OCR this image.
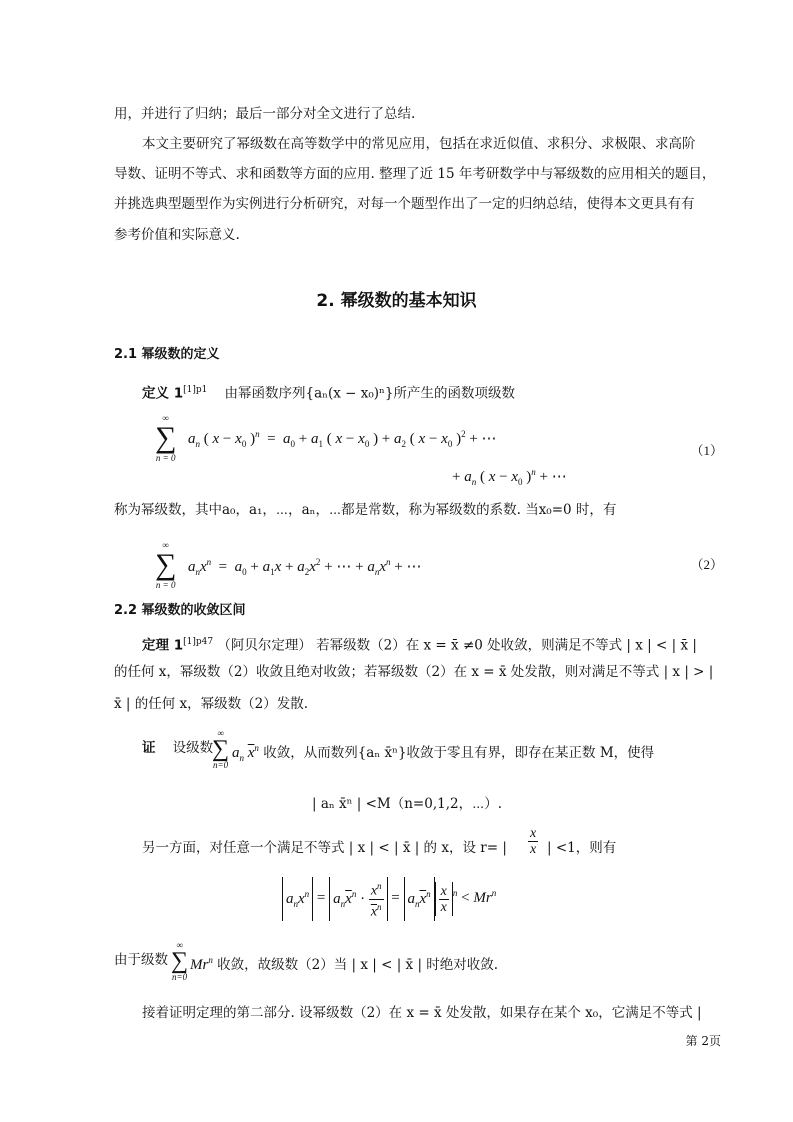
用，并进行了归纳；最后一部分对全文进行了总结.
本文主要研究了幂级数在高等数学中的常见应用，包括在求近似值、求积分、求极限、求高阶
导数、证明不等式、求和函数等方面的应用. 整理了近 15 年考研数学中与幂级数的应用相关的题目，
并挑选典型题型作为实例进行分析研究，对每一个题型作出了一定的归纳总结，使得本文更具有有
参考价值和实际意义.
2. 幂级数的基本知识
2.1 幂级数的定义
定义 $1^{[1]p1}$ 由幂函数序列{aₙ(x − x₀)ⁿ}所产生的函数项级数
∞
∑
n = 0
$a_n$ ( $x - x_0$ )$^n = a_0 + a_1$ ( $x - x_0$ ) + $a_2$ ( $x - x_0$ )$^2$ + ⋯
（1）
+ $a_n$ ( $x - x_0$ )$^n$ + ⋯
称为幂级数，其中a₀，a₁，⋯，aₙ，⋯都是常数，称为幂级数的系数. 当x₀=0 时，有
∞
∑
n = 0
$a_nx^n = a_0 + a_1x + a_2x^2$ + ⋯ + $a_nx^n$ + ⋯	（2）
2.2 幂级数的收敛区间
定理 $1^{[1]p47}$ （阿贝尔定理） 若幂级数（2）在 x = x̄ ≠0 处收敛，则满足不等式 | x | < | x̄ |
的任何 x，幂级数（2）收敛且绝对收敛；若幂级数（2）在 x = x̄ 处发散，则对满足不等式 | x | > |
x̄ | 的任何 x，幂级数（2）发散.
证 设级数
∞
∑
n=0
$a_n$ $\overline{x}^n$ 收敛，从而数列{aₙ x̄ⁿ}收敛于零且有界，即存在某正数 M，使得
| aₙ x̄ⁿ | <M（n=0,1,2，⋯）.
另一方面，对任意一个满足不等式 | x | < | x̄ | 的 x，设 r= | $\frac{x}{x}$ | <1，则有
$a_nx^n = a_n\overline{x}^n \cdot \frac{x^n}{\overline{x}^n} = a_n\overline{x}^n \frac{x}{x} ^n < Mr^n$
由于级数
∞
∑
n=0
Mr$^n$ 收敛，故级数（2）当 | x | < | x̄ | 时绝对收敛.
接着证明定理的第二部分. 设幂级数（2）在 x = x̄ 处发散，如果存在某个 x₀，它满足不等式 |
第 2页
